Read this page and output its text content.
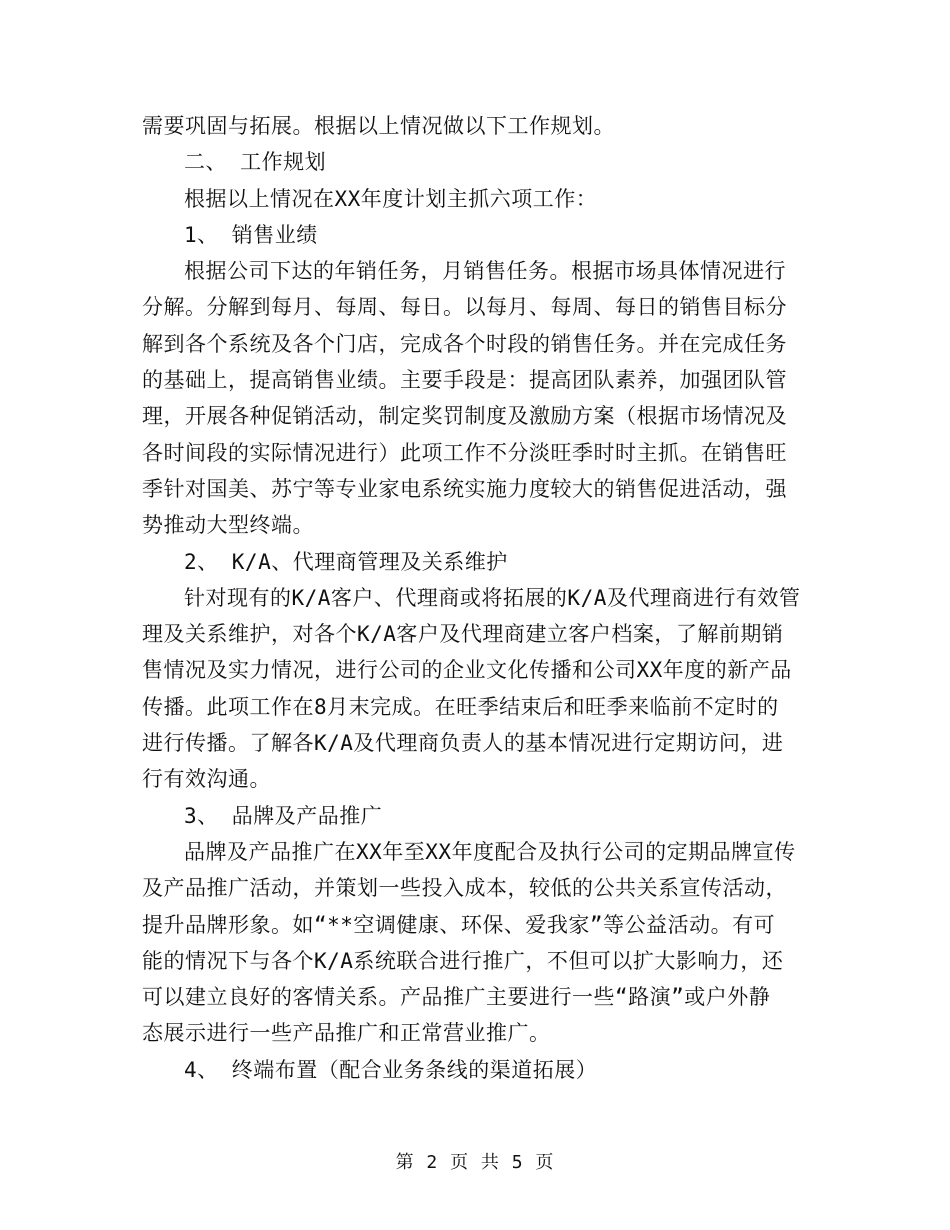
需要巩固与拓展。根据以上情况做以下工作规划。
二、 工作规划
根据以上情况在XX年度计划主抓六项工作：
1、 销售业绩
根据公司下达的年销任务，月销售任务。根据市场具体情况进行
分解。分解到每月、每周、每日。以每月、每周、每日的销售目标分
解到各个系统及各个门店，完成各个时段的销售任务。并在完成任务
的基础上，提高销售业绩。主要手段是：提高团队素养，加强团队管
理，开展各种促销活动，制定奖罚制度及激励方案（根据市场情况及
各时间段的实际情况进行）此项工作不分淡旺季时时主抓。在销售旺
季针对国美、苏宁等专业家电系统实施力度较大的销售促进活动，强
势推动大型终端。
2、 K/A、代理商管理及关系维护
针对现有的K/A客户、代理商或将拓展的K/A及代理商进行有效管
理及关系维护，对各个K/A客户及代理商建立客户档案，了解前期销
售情况及实力情况，进行公司的企业文化传播和公司XX年度的新产品
传播。此项工作在8月末完成。在旺季结束后和旺季来临前不定时的
进行传播。了解各K/A及代理商负责人的基本情况进行定期访问，进
行有效沟通。
3、 品牌及产品推广
品牌及产品推广在XX年至XX年度配合及执行公司的定期品牌宣传
及产品推广活动，并策划一些投入成本，较低的公共关系宣传活动，
提升品牌形象。如“**空调健康、环保、爱我家”等公益活动。有可
能的情况下与各个K/A系统联合进行推广，不但可以扩大影响力，还
可以建立良好的客情关系。产品推广主要进行一些“路演”或户外静
态展示进行一些产品推广和正常营业推广。
4、 终端布置（配合业务条线的渠道拓展）
第 2 页 共 5 页
